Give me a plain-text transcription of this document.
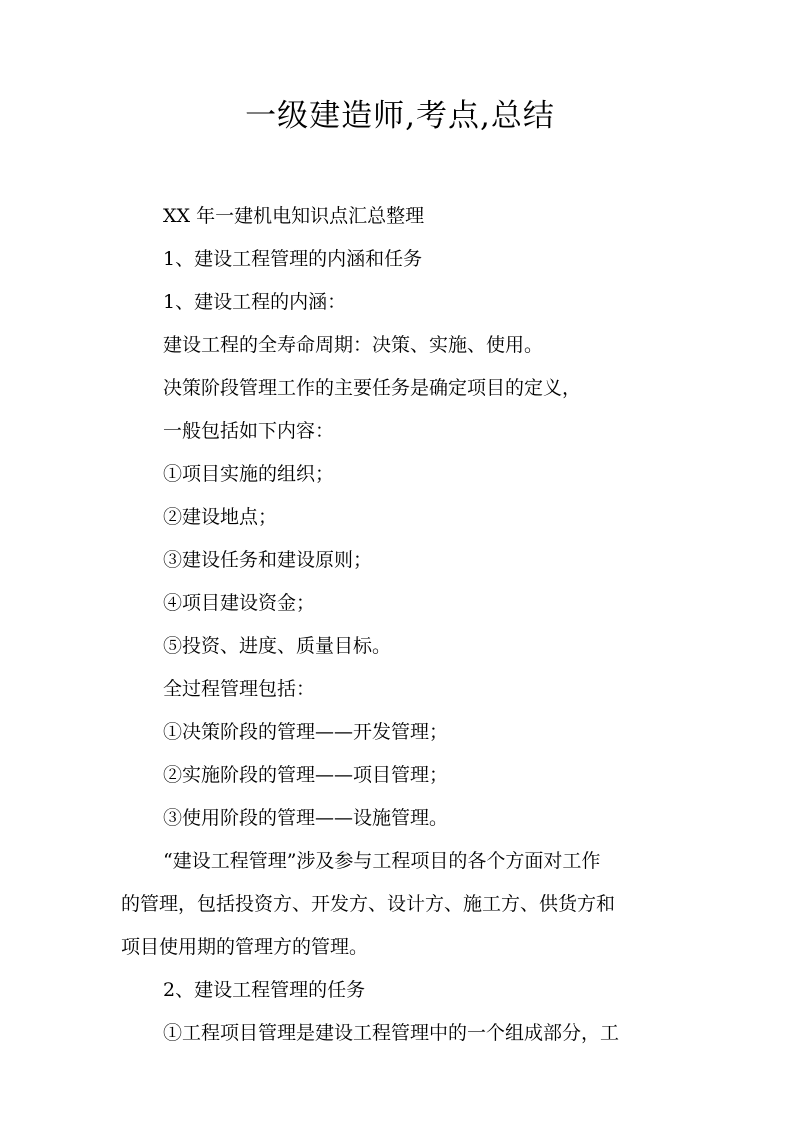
一级建造师,考点,总结
XX 年一建机电知识点汇总整理
1、建设工程管理的内涵和任务
1、建设工程的内涵：
建设工程的全寿命周期：决策、实施、使用。
决策阶段管理工作的主要任务是确定项目的定义，
一般包括如下内容：
①项目实施的组织；
②建设地点；
③建设任务和建设原则；
④项目建设资金；
⑤投资、进度、质量目标。
全过程管理包括：
①决策阶段的管理——开发管理；
②实施阶段的管理——项目管理；
③使用阶段的管理——设施管理。
“建设工程管理”涉及参与工程项目的各个方面对工作
的管理，包括投资方、开发方、设计方、施工方、供货方和
项目使用期的管理方的管理。
2、建设工程管理的任务
①工程项目管理是建设工程管理中的一个组成部分，工
